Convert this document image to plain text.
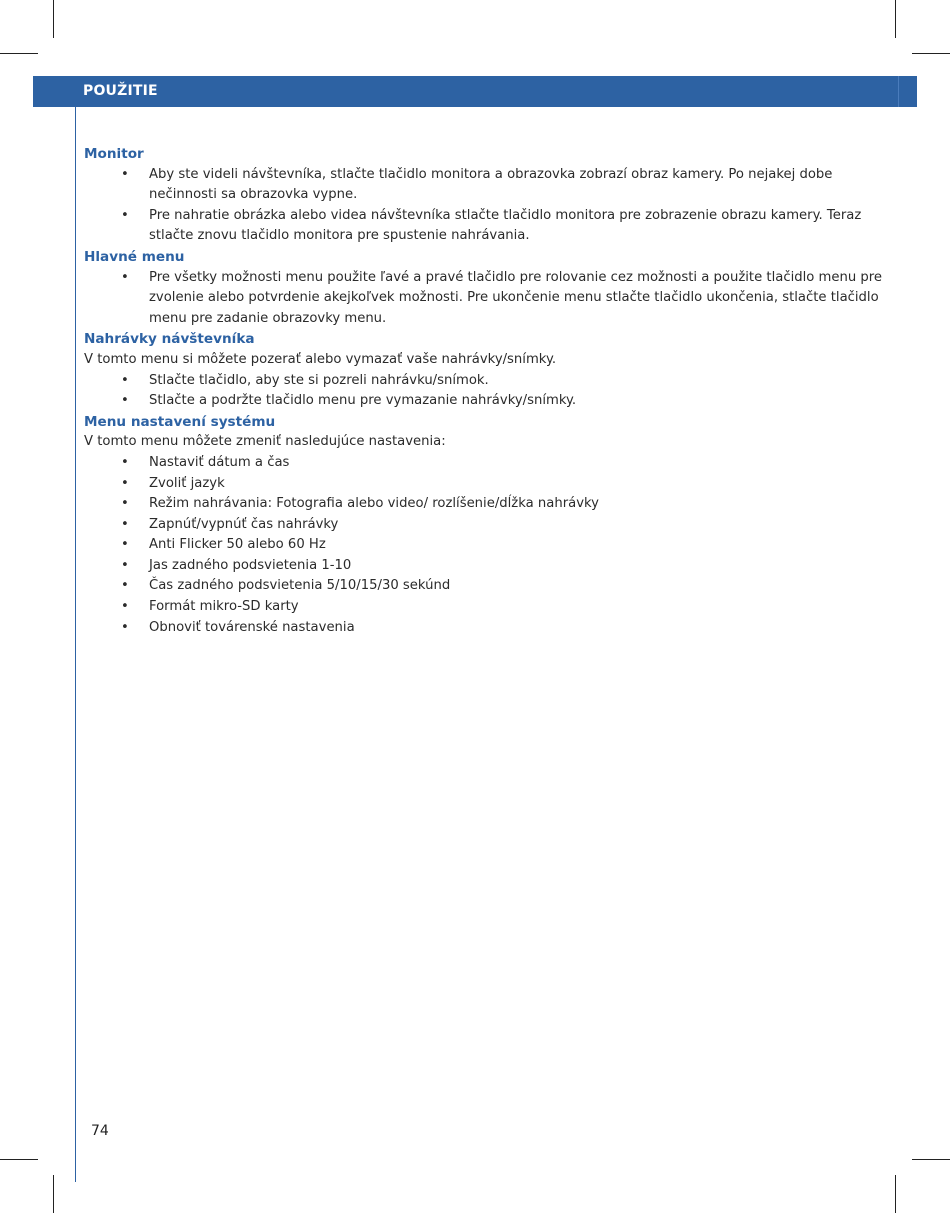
POUŽITIE

Monitor

• Aby ste videli návštevníka, stlačte tlačidlo monitora a obrazovka zobrazí obraz kamery. Po nejakej dobe nečinnosti sa obrazovka vypne.
• Pre nahratie obrázka alebo videa návštevníka stlačte tlačidlo monitora pre zobrazenie obrazu kamery. Teraz stlačte znovu tlačidlo monitora pre spustenie nahrávania.

Hlavné menu

• Pre všetky možnosti menu použite ľavé a pravé tlačidlo pre rolovanie cez možnosti a použite tlačidlo menu pre zvolenie alebo potvrdenie akejkoľvek možnosti. Pre ukončenie menu stlačte tlačidlo ukončenia, stlačte tlačidlo menu pre zadanie obrazovky menu.

Nahrávky návštevníka

V tomto menu si môžete pozerať alebo vymazať vaše nahrávky/snímky.

• Stlačte tlačidlo, aby ste si pozreli nahrávku/snímok.
• Stlačte a podržte tlačidlo menu pre vymazanie nahrávky/snímky.

Menu nastavení systému

V tomto menu môžete zmeniť nasledujúce nastavenia:

• Nastaviť dátum a čas
• Zvoliť jazyk
• Režim nahrávania: Fotografia alebo video/ rozlíšenie/dĺžka nahrávky
• Zapnúť/vypnúť čas nahrávky
• Anti Flicker 50 alebo 60 Hz
• Jas zadného podsvietenia 1-10
• Čas zadného podsvietenia 5/10/15/30 sekúnd
• Formát mikro-SD karty
• Obnoviť továrenské nastavenia
74
